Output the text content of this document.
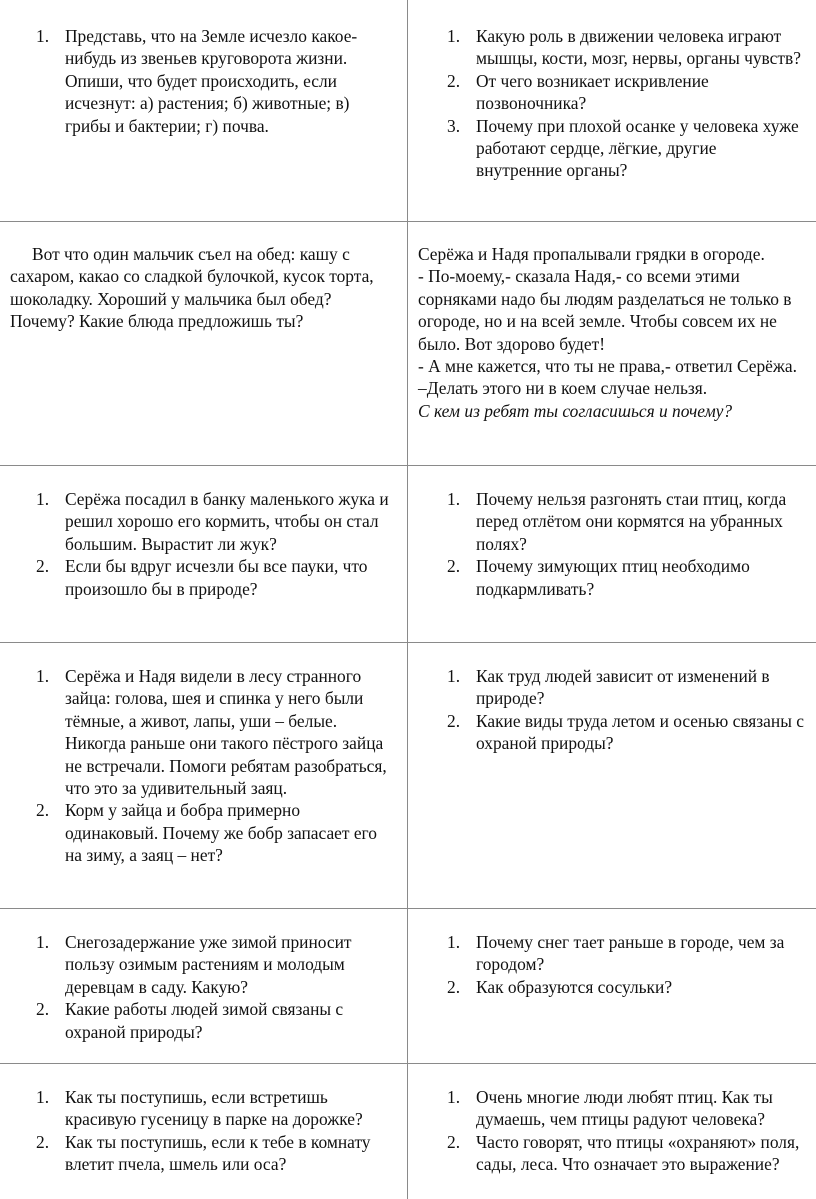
1. Представь, что на Земле исчезло какое-нибудь из звеньев круговорота жизни. Опиши, что будет происходить, если исчезнут: а) растения; б) животные; в) грибы и бактерии; г) почва.
1. Какую роль в движении человека играют мышцы, кости, мозг, нервы, органы чувств?
2. От чего возникает искривление позвоночника?
3. Почему при плохой осанке у человека хуже работают сердце, лёгкие, другие внутренние органы?
Вот что один мальчик съел на обед: кашу с сахаром, какао со сладкой булочкой, кусок торта, шоколадку. Хороший у мальчика был обед? Почему? Какие блюда предложишь ты?

Серёжа и Надя пропалывали грядки в огороде.

- По-моему,- сказала Надя,- со всеми этими сорняками надо бы людям разделаться не только в огороде, но и на всей земле. Чтобы совсем их не было. Вот здорово будет!

- А мне кажется, что ты не права,- ответил Серёжа. –Делать этого ни в коем случае нельзя.

С кем из ребят ты согласишься и почему?

1. Серёжа посадил в банку маленького жука и решил хорошо его кормить, чтобы он стал большим. Вырастит ли жук?
2. Если бы вдруг исчезли бы все пауки, что произошло бы в природе?
1. Почему нельзя разгонять стаи птиц, когда перед отлётом они кормятся на убранных полях?
2. Почему зимующих птиц необходимо подкармливать?
1. Серёжа и Надя видели в лесу странного зайца: голова, шея и спинка у него были тёмные, а живот, лапы, уши – белые. Никогда раньше они такого пёстрого зайца не встречали. Помоги ребятам разобраться, что это за удивительный заяц.
2. Корм у зайца и бобра примерно одинаковый. Почему же бобр запасает его на зиму, а заяц – нет?
1. Как труд людей зависит от изменений в природе?
2. Какие виды труда летом и осенью связаны с охраной природы?
1. Снегозадержание уже зимой приносит пользу озимым растениям и молодым деревцам в саду. Какую?
2. Какие работы людей зимой связаны с охраной природы?
1. Почему снег тает раньше в городе, чем за городом?
2. Как образуются сосульки?
1. Как ты поступишь, если встретишь красивую гусеницу в парке на дорожке?
2. Как ты поступишь, если к тебе в комнату влетит пчела, шмель или оса?
1. Очень многие люди любят птиц. Как ты думаешь, чем птицы радуют человека?
2. Часто говорят, что птицы «охраняют» поля, сады, леса. Что означает это выражение?
